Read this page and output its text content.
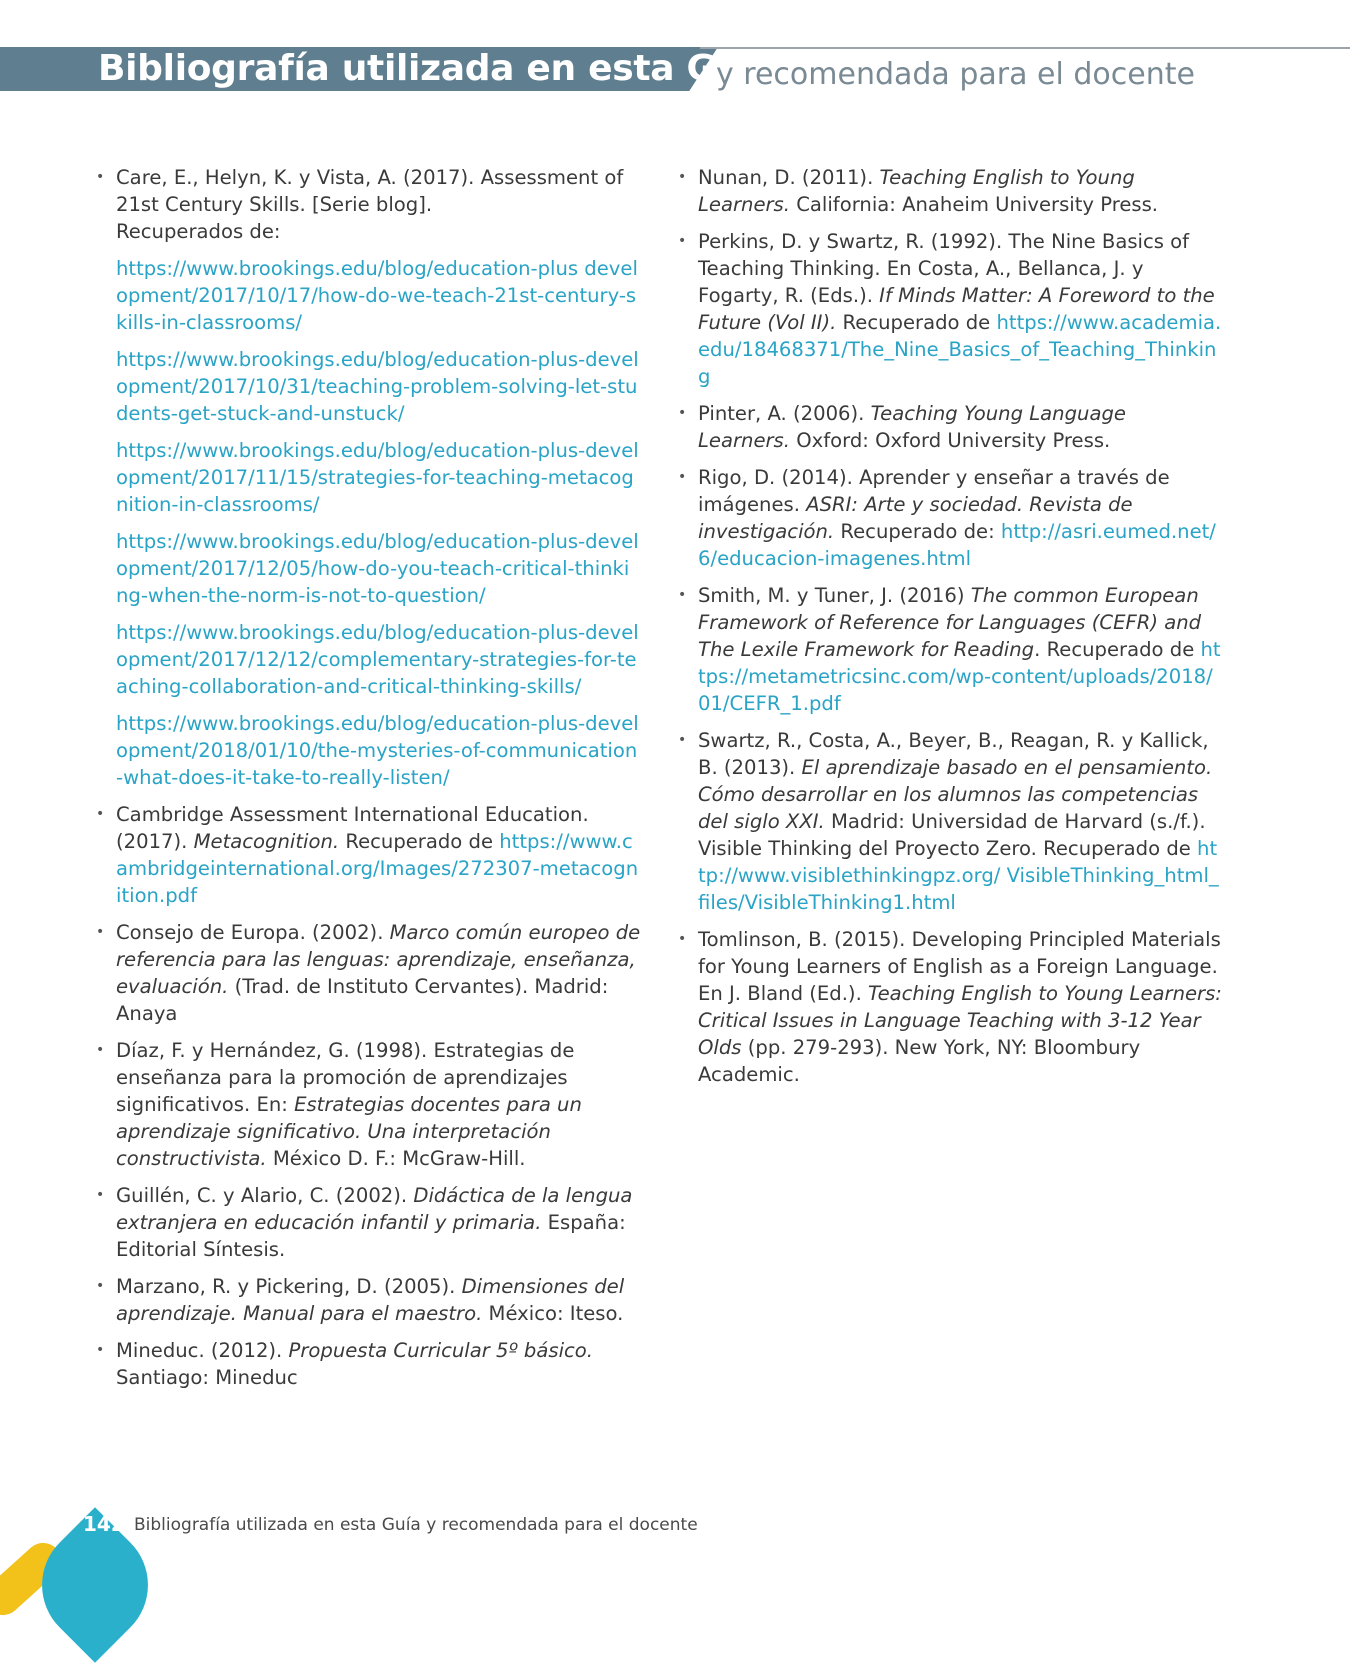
Bibliografía utilizada en esta Guía
y recomendada para el docente
• Care, E., Helyn, K. y Vista, A. (2017). Assessment of 21st Century Skills. [Serie blog].
Recuperados de:
https://www.brookings.edu/blog/education-plus development/2017/10/17/how-do-we-teach-21st-century-skills-in-classrooms/
https://www.brookings.edu/blog/education-plus-development/2017/10/31/teaching-problem-solving-let-students-get-stuck-and-unstuck/
https://www.brookings.edu/blog/education-plus-development/2017/11/15/strategies-for-teaching-metacognition-in-classrooms/
https://www.brookings.edu/blog/education-plus-development/2017/12/05/how-do-you-teach-critical-thinking-when-the-norm-is-not-to-question/
https://www.brookings.edu/blog/education-plus-development/2017/12/12/complementary-strategies-for-teaching-collaboration-and-critical-thinking-skills/
https://www.brookings.edu/blog/education-plus-development/2018/01/10/the-mysteries-of-communication-what-does-it-take-to-really-listen/
• Cambridge Assessment International Education. (2017). Metacognition. Recuperado de https://www.cambridgeinternational.org/Images/272307-metacognition.pdf

• Consejo de Europa. (2002). Marco común europeo de referencia para las lenguas: aprendizaje, enseñanza, evaluación. (Trad. de Instituto Cervantes). Madrid: Anaya

• Díaz, F. y Hernández, G. (1998). Estrategias de enseñanza para la promoción de aprendizajes significativos. En: Estrategias docentes para un aprendizaje significativo. Una interpretación constructivista. México D. F.: McGraw-Hill.

• Guillén, C. y Alario, C. (2002). Didáctica de la lengua extranjera en educación infantil y primaria. España: Editorial Síntesis.

• Marzano, R. y Pickering, D. (2005). Dimensiones del aprendizaje. Manual para el maestro. México: Iteso.

• Mineduc. (2012). Propuesta Curricular 5º básico. Santiago: Mineduc

• Nunan, D. (2011). Teaching English to Young Learners. California: Anaheim University Press.

• Perkins, D. y Swartz, R. (1992). The Nine Basics of Teaching Thinking. En Costa, A., Bellanca, J. y Fogarty, R. (Eds.). If Minds Matter: A Foreword to the Future (Vol II). Recuperado de https://www.academia.edu/18468371/The_Nine_Basics_of_Teaching_Thinking

• Pinter, A. (2006). Teaching Young Language Learners. Oxford: Oxford University Press.

• Rigo, D. (2014). Aprender y enseñar a través de imágenes. ASRI: Arte y sociedad. Revista de investigación. Recuperado de: http://asri.eumed.net/6/educacion-imagenes.html

• Smith, M. y Tuner, J. (2016) The common European Framework of Reference for Languages (CEFR) and The Lexile Framework for Reading. Recuperado de https://metametricsinc.com/wp-content/uploads/2018/01/CEFR_1.pdf

• Swartz, R., Costa, A., Beyer, B., Reagan, R. y Kallick, B. (2013). El aprendizaje basado en el pensamiento. Cómo desarrollar en los alumnos las competencias del siglo XXI. Madrid: Universidad de Harvard (s./f.). Visible Thinking del Proyecto Zero. Recuperado de http://www.visiblethinkingpz.org/ VisibleThinking_html_files/VisibleThinking1.html

• Tomlinson, B. (2015). Developing Principled Materials for Young Learners of English as a Foreign Language. En J. Bland (Ed.). Teaching English to Young Learners: Critical Issues in Language Teaching with 3-12 Year Olds (pp. 279-293). New York, NY: Bloombury Academic.

142 Bibliografía utilizada en esta Guía y recomendada para el docente
